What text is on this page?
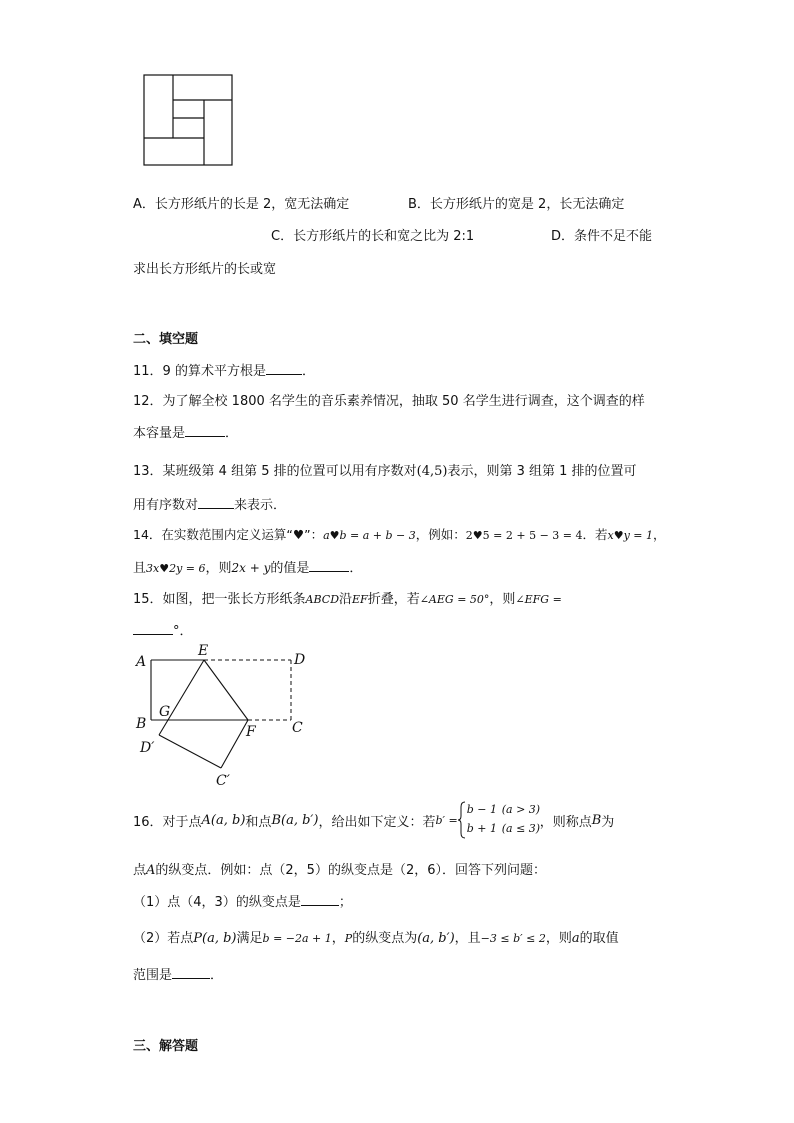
A．长方形纸片的长是 2，宽无法确定	B．长方形纸片的宽是 2，长无法确定
C．长方形纸片的长和宽之比为 2:1	D．条件不足不能
求出长方形纸片的长或宽
二、填空题
11．9 的算术平方根是	．
12．为了解全校 1800 名学生的音乐素养情况，抽取 50 名学生进行调查，这个调查的样
本容量是	．
13．某班级第 4 组第 5 排的位置可以用有序数对(4,5)表示，则第 3 组第 1 排的位置可
用有序数对	来表示．
14．在实数范围内定义运算“♥”：a♥b = a + b − 3，例如：2♥5 = 2 + 5 − 3 = 4．若x♥y = 1，
且3x♥2y = 6，则2x + y的值是	．
15．如图，把一张长方形纸条ABCD沿EF折叠，若∠AEG = 50°，则∠EFG =
°．
A
E
D
B
G
F	C
D′
C′
16．对于点 A(a, b) 和点 B(a, b′) ，给出如下定义：若 b′ =
b − 1 (a > 3)
b + 1 (a ≤ 3) ，则称点 B 为
点A的纵变点．例如：点（2，5）的纵变点是（2，6）．回答下列问题：
（1）点（4，3）的纵变点是	；
（2）若点P(a, b)满足b = −2a + 1，P的纵变点为(a, b′)，且−3 ≤ b′ ≤ 2，则a的取值
范围是	．
三、解答题
